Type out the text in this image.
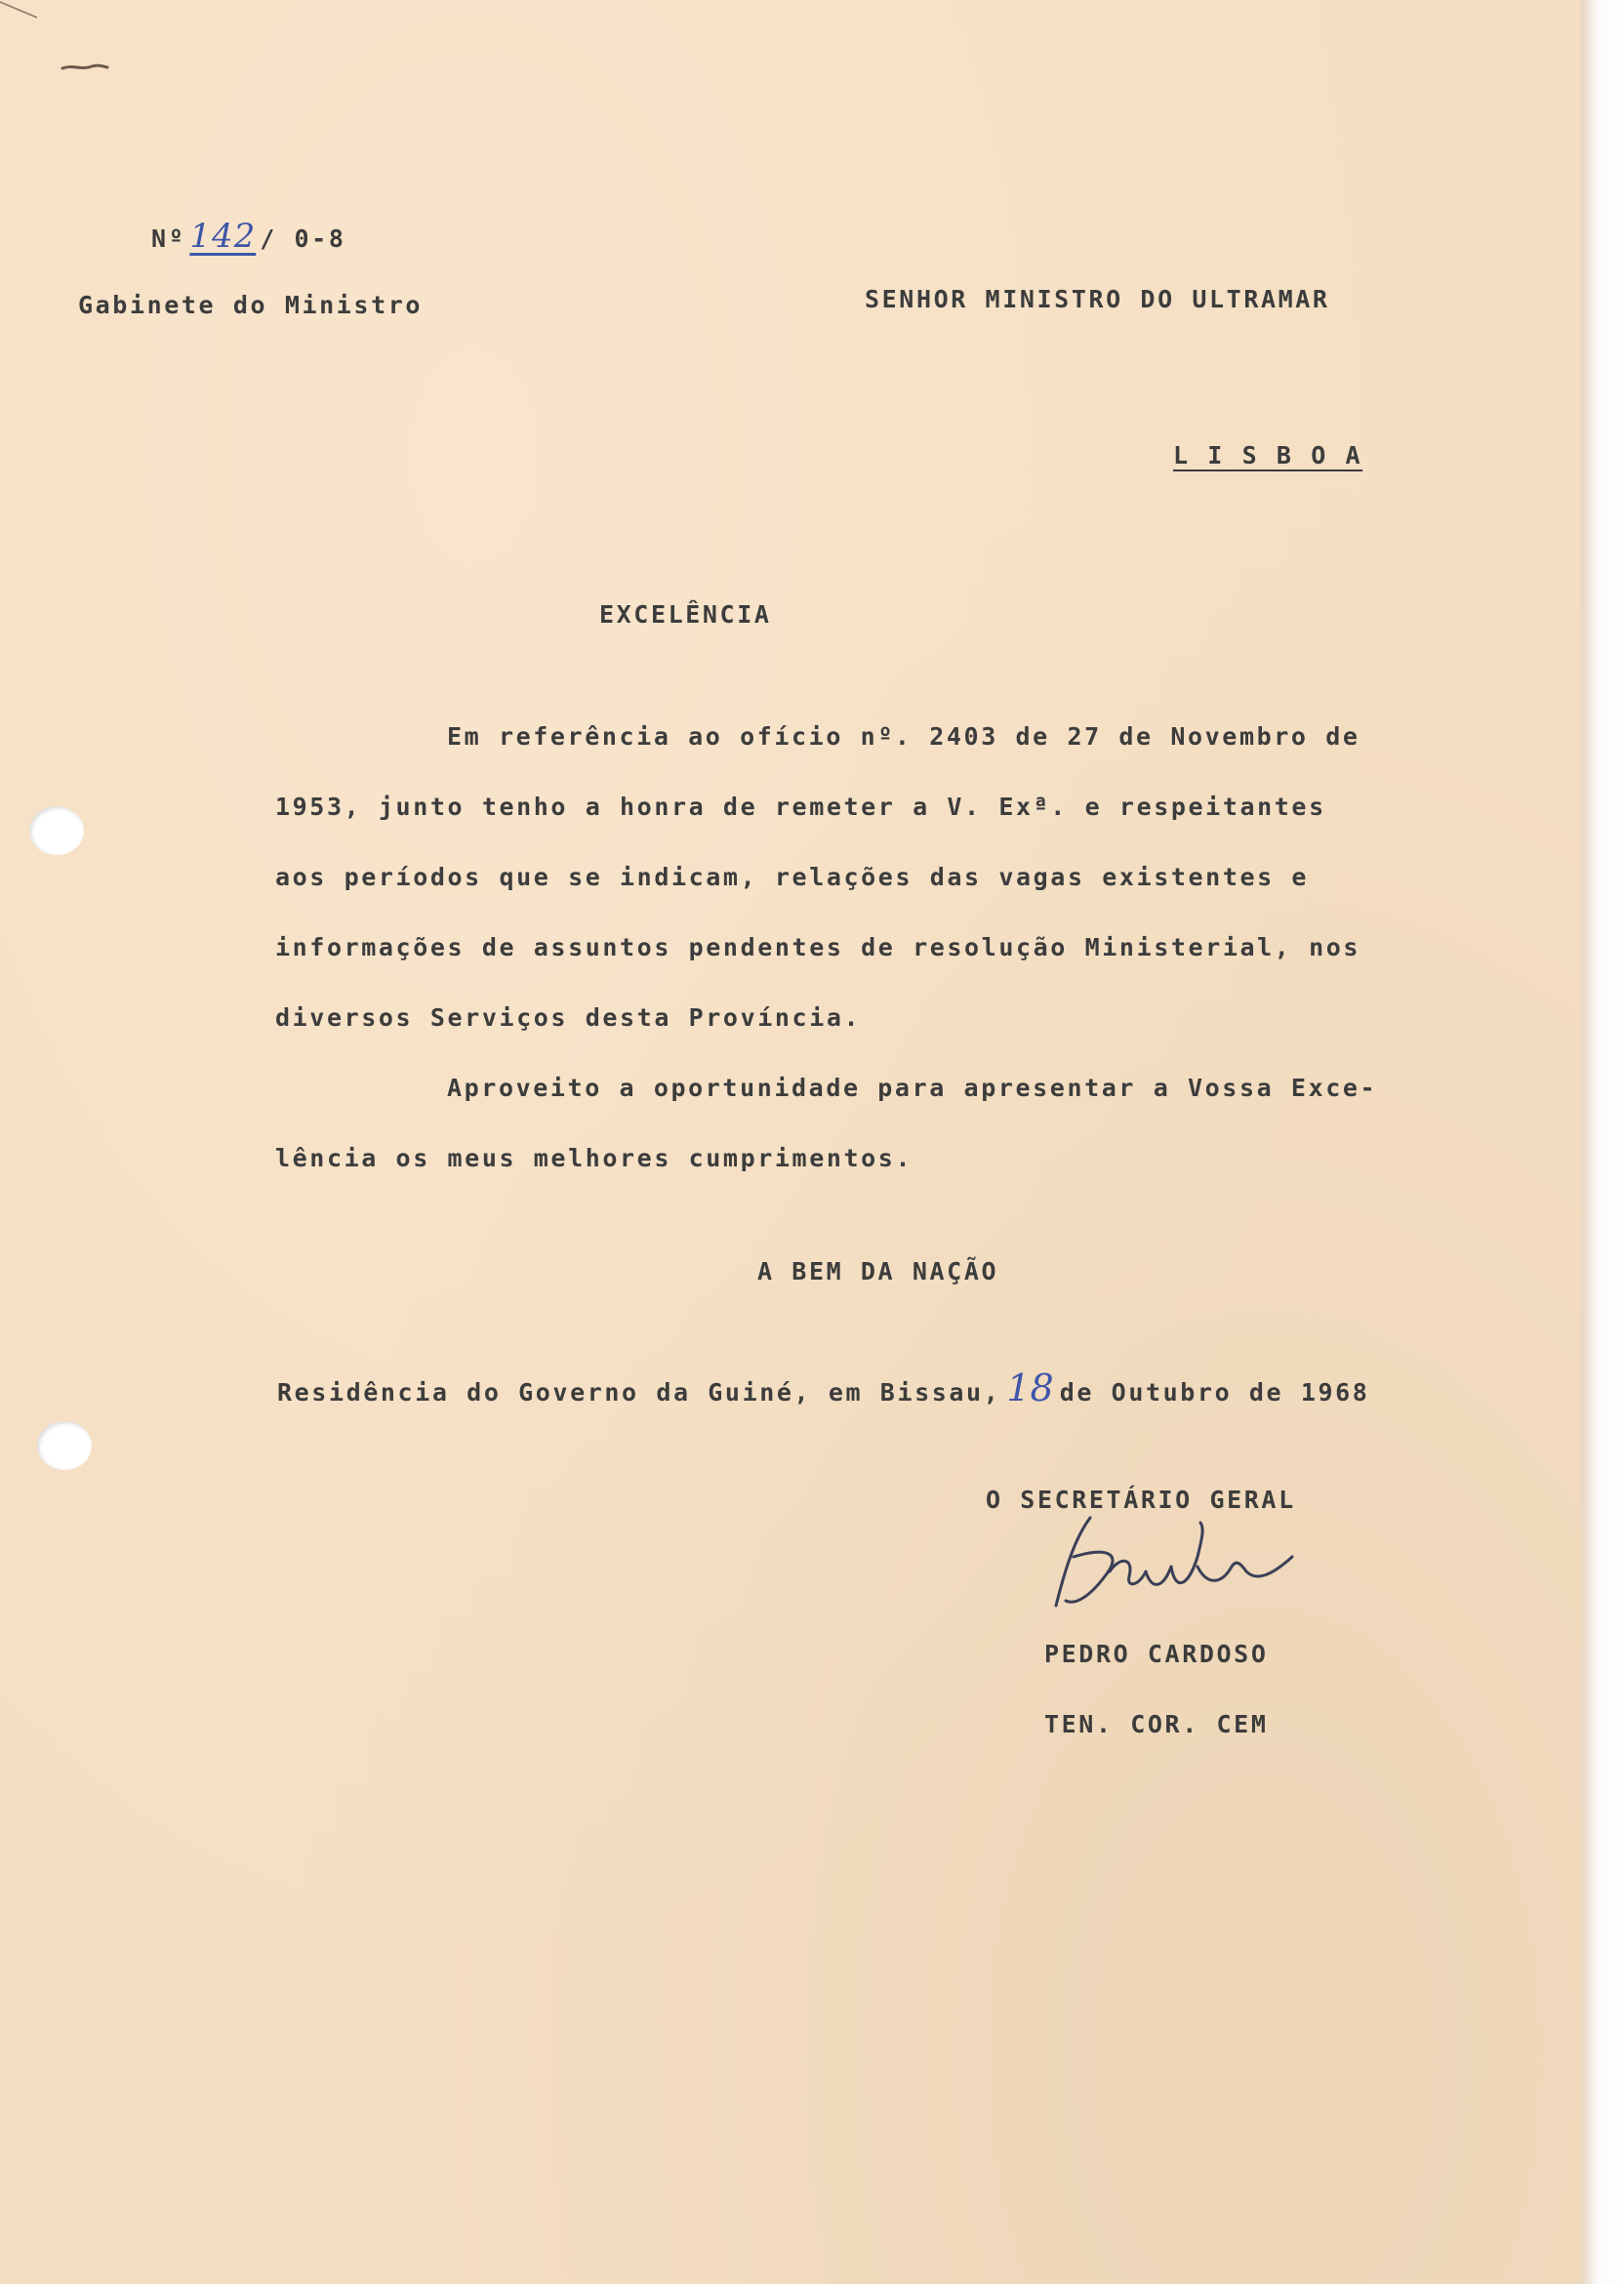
Nº 142 / 0-8
Gabinete do Ministro	SENHOR MINISTRO DO ULTRAMAR
L I S B O A
EXCELÊNCIA
Em referência ao ofício nº. 2403 de 27 de Novembro de
1953, junto tenho a honra de remeter a V. Exª. e respeitantes
aos períodos que se indicam, relações das vagas existentes e
informações de assuntos pendentes de resolução Ministerial, nos
diversos Serviços desta Província.
Aproveito a oportunidade para apresentar a Vossa Exce-
lência os meus melhores cumprimentos.
A BEM DA NAÇÃO
Residência do Governo da Guiné, em Bissau, 18 de Outubro de 1968
O SECRETÁRIO GERAL
PEDRO CARDOSO
TEN. COR. CEM
